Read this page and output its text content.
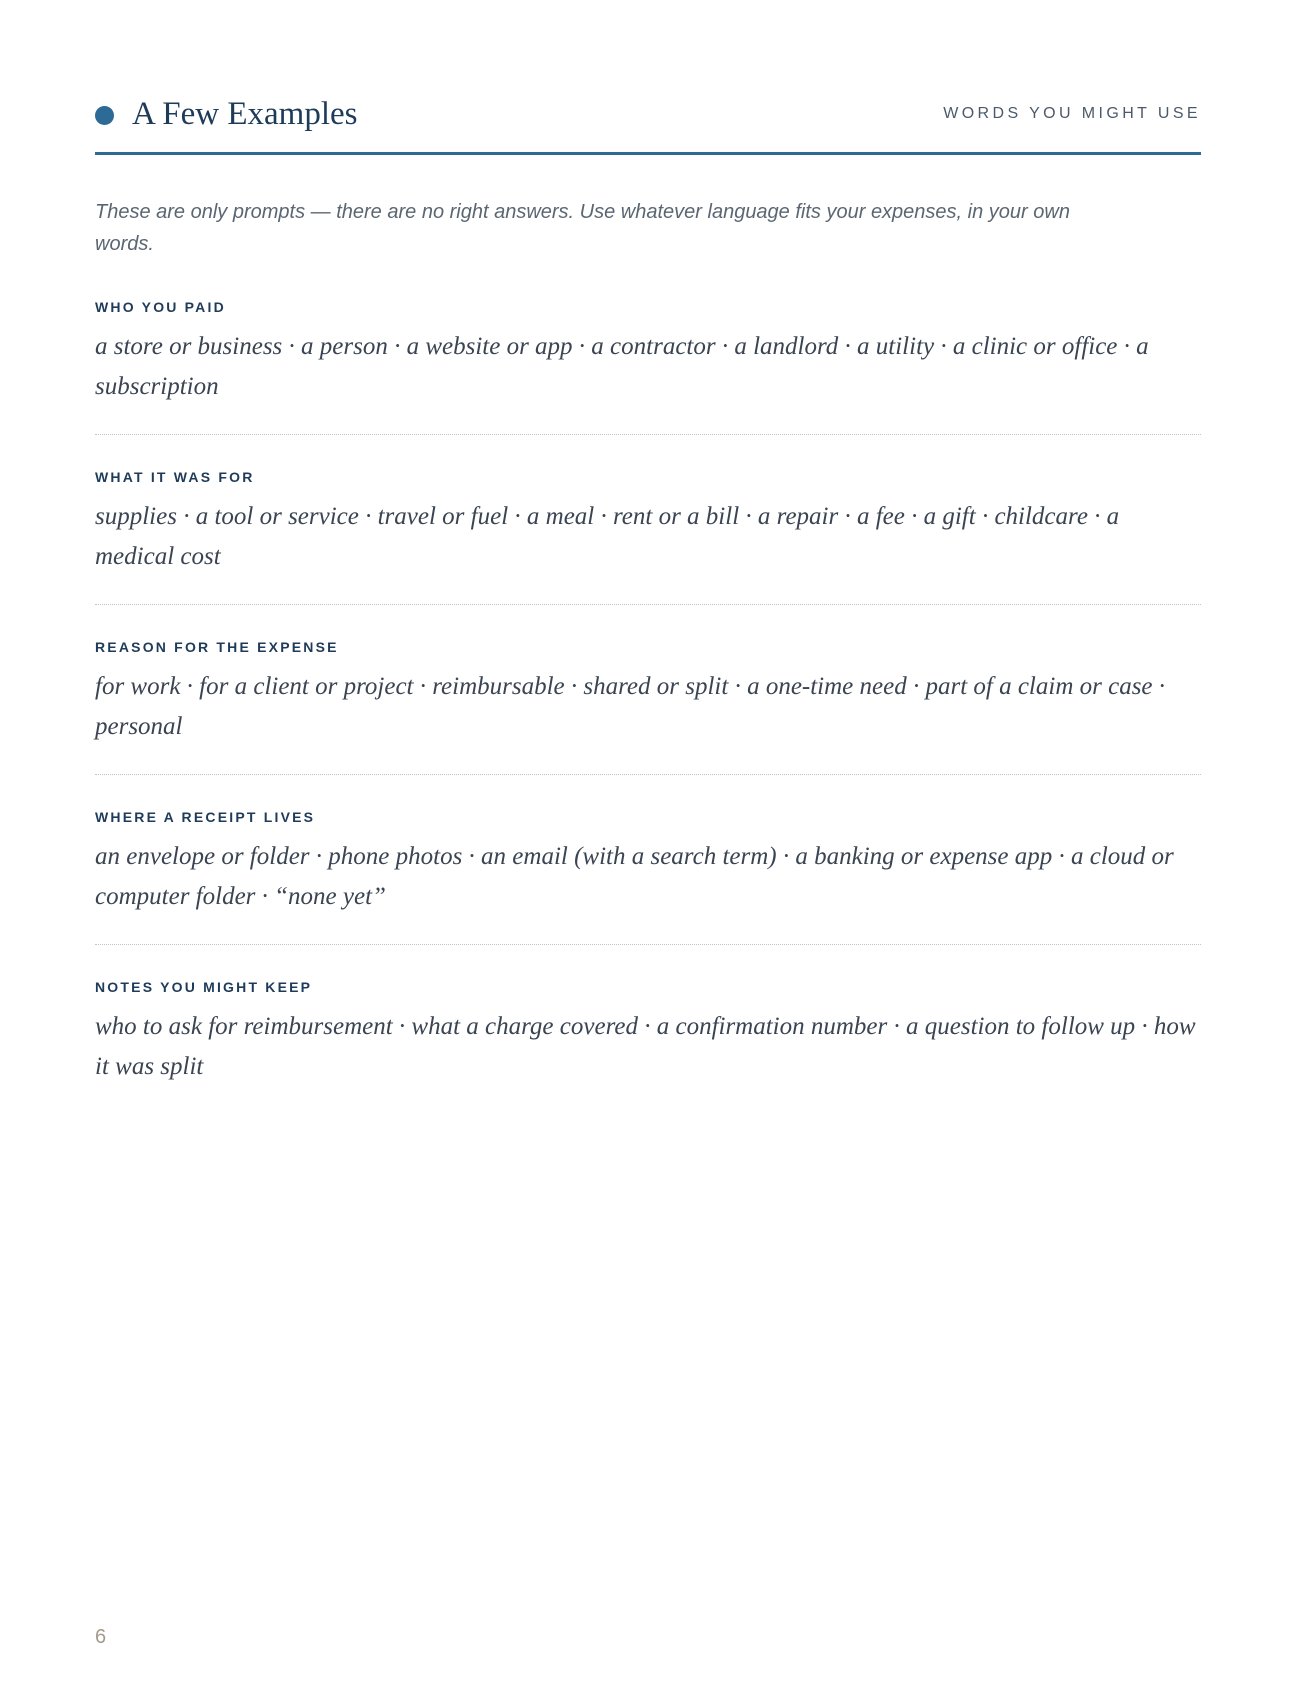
A Few Examples	WORDS YOU MIGHT USE

These are only prompts — there are no right answers. Use whatever language fits your expenses, in your own words.

WHO YOU PAID

a store or business · a person · a website or app · a contractor · a landlord · a utility · a clinic or office · a subscription

WHAT IT WAS FOR

supplies · a tool or service · travel or fuel · a meal · rent or a bill · a repair · a fee · a gift · childcare · a medical cost

REASON FOR THE EXPENSE

for work · for a client or project · reimbursable · shared or split · a one-time need · part of a claim or case · personal

WHERE A RECEIPT LIVES

an envelope or folder · phone photos · an email (with a search term) · a banking or expense app · a cloud or computer folder · “none yet”

NOTES YOU MIGHT KEEP

who to ask for reimbursement · what a charge covered · a confirmation number · a question to follow up · how it was split

6
